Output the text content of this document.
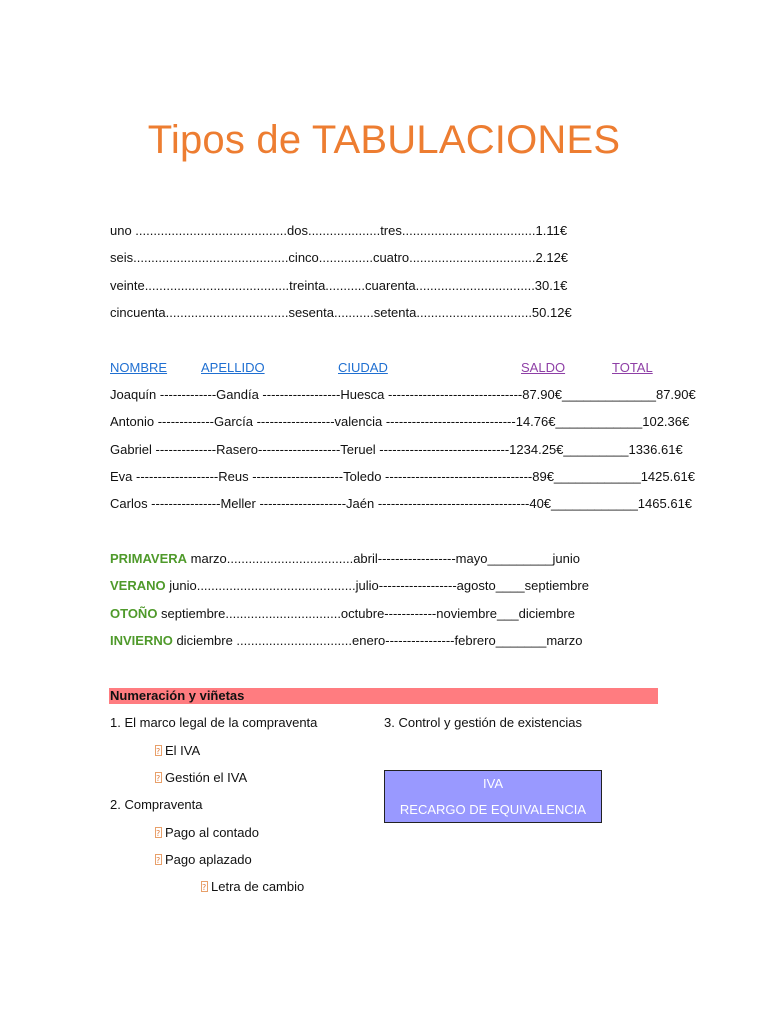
Tipos de TABULACIONES
uno ..........................................dos....................tres.....................................1.11€
seis...........................................cinco...............cuatro...................................2.12€
veinte........................................treinta...........cuarenta.................................30.1€
cincuenta..................................sesenta...........setenta................................50.12€
NOMBRE	APELLIDO	CIUDAD	SALDO	TOTAL
Joaquín -------------Gandía ------------------Huesca -------------------------------87.90€_____________87.90€
Antonio -------------García ------------------valencia ------------------------------14.76€____________102.36€
Gabriel --------------Rasero-------------------Teruel ------------------------------1234.25€_________1336.61€
Eva -------------------Reus ---------------------Toledo ----------------------------------89€____________1425.61€
Carlos ----------------Meller --------------------Jaén -----------------------------------40€____________1465.61€
PRIMAVERA marzo...................................abril------------------mayo_________junio
VERANO junio............................................julio------------------agosto____septiembre
OTOÑO septiembre................................octubre------------noviembre___diciembre
INVIERNO diciembre ................................enero----------------febrero_______marzo
Numeración y viñetas
1. El marco legal de la compraventa
?El IVA
?Gestión el IVA
2. Compraventa
?Pago al contado
?Pago aplazado
?Letra de cambio
3. Control y gestión de existencias
IVA
RECARGO DE EQUIVALENCIA
